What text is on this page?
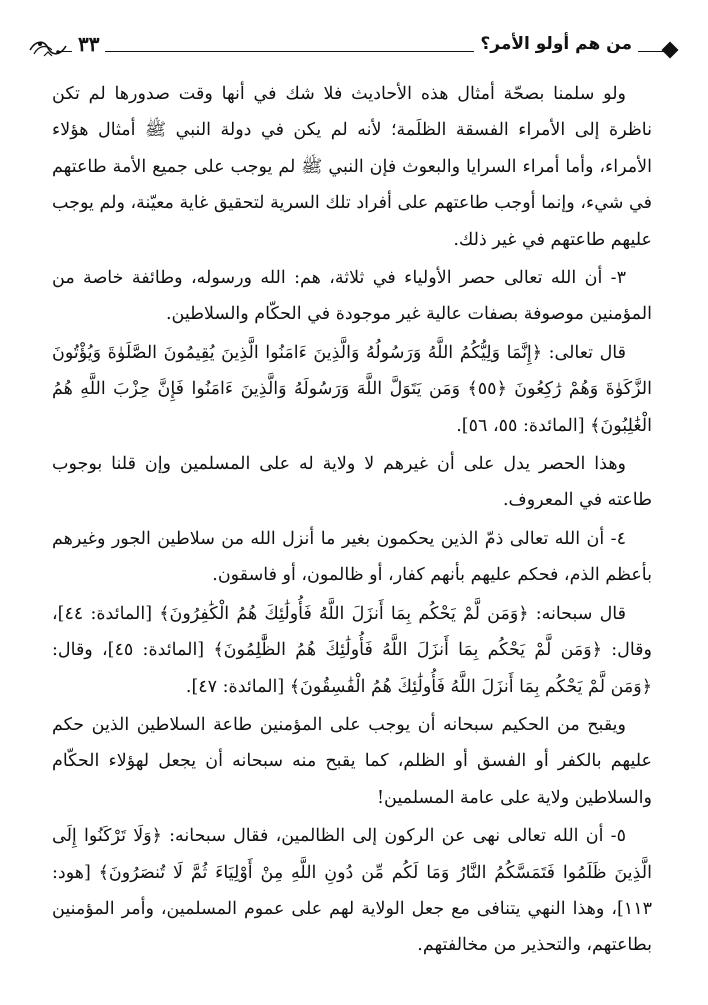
٣٣	من هم أولو الأمر؟

ولو سلمنا بصحّة أمثال هذه الأحاديث فلا شك في أنها وقت صدورها لم تكن ناظرة إلى الأمراء الفسقة الظلَمة؛ لأنه لم يكن في دولة النبي ﷺ أمثال هؤلاء الأمراء، وأما أمراء السرايا والبعوث فإن النبي ﷺ لم يوجب على جميع الأمة طاعتهم في شيء، وإنما أوجب طاعتهم على أفراد تلك السرية لتحقيق غاية معيّنة، ولم يوجب عليهم طاعتهم في غير ذلك.

٣- أن الله تعالى حصر الأولياء في ثلاثة، هم: الله ورسوله، وطائفة خاصة من المؤمنين موصوفة بصفات عالية غير موجودة في الحكّام والسلاطين.

قال تعالى: ﴿إِنَّمَا وَلِيُّكُمُ اللَّهُ وَرَسُولُهُ وَالَّذِينَ ءَامَنُوا الَّذِينَ يُقِيمُونَ الصَّلَوٰةَ وَيُؤْتُونَ الزَّكَوٰةَ وَهُمْ رَٰكِعُونَ ﴿٥٥﴾ وَمَن يَتَوَلَّ اللَّهَ وَرَسُولَهُ وَالَّذِينَ ءَامَنُوا فَإِنَّ حِزْبَ اللَّهِ هُمُ الْغَٰلِبُونَ﴾ [المائدة: ٥٥، ٥٦].

وهذا الحصر يدل على أن غيرهم لا ولاية له على المسلمين وإن قلنا بوجوب طاعته في المعروف.

٤- أن الله تعالى ذمّ الذين يحكمون بغير ما أنزل الله من سلاطين الجور وغيرهم بأعظم الذم، فحكم عليهم بأنهم كفار، أو ظالمون، أو فاسقون.

قال سبحانه: ﴿وَمَن لَّمْ يَحْكُم بِمَا أَنزَلَ اللَّهُ فَأُولَٰئِكَ هُمُ الْكَٰفِرُونَ﴾ [المائدة: ٤٤]، وقال: ﴿وَمَن لَّمْ يَحْكُم بِمَا أَنزَلَ اللَّهُ فَأُولَٰئِكَ هُمُ الظَّٰلِمُونَ﴾ [المائدة: ٤٥]، وقال: ﴿وَمَن لَّمْ يَحْكُم بِمَا أَنزَلَ اللَّهُ فَأُولَٰئِكَ هُمُ الْفَٰسِقُونَ﴾ [المائدة: ٤٧].

ويقبح من الحكيم سبحانه أن يوجب على المؤمنين طاعة السلاطين الذين حكم عليهم بالكفر أو الفسق أو الظلم، كما يقبح منه سبحانه أن يجعل لهؤلاء الحكّام والسلاطين ولاية على عامة المسلمين!

٥- أن الله تعالى نهى عن الركون إلى الظالمين، فقال سبحانه: ﴿وَلَا تَرْكَنُوا إِلَى الَّذِينَ ظَلَمُوا فَتَمَسَّكُمُ النَّارُ وَمَا لَكُم مِّن دُونِ اللَّهِ مِنْ أَوْلِيَاءَ ثُمَّ لَا تُنصَرُونَ﴾ [هود: ١١٣]، وهذا النهي يتنافى مع جعل الولاية لهم على عموم المسلمين، وأمر المؤمنين بطاعتهم، والتحذير من مخالفتهم.
